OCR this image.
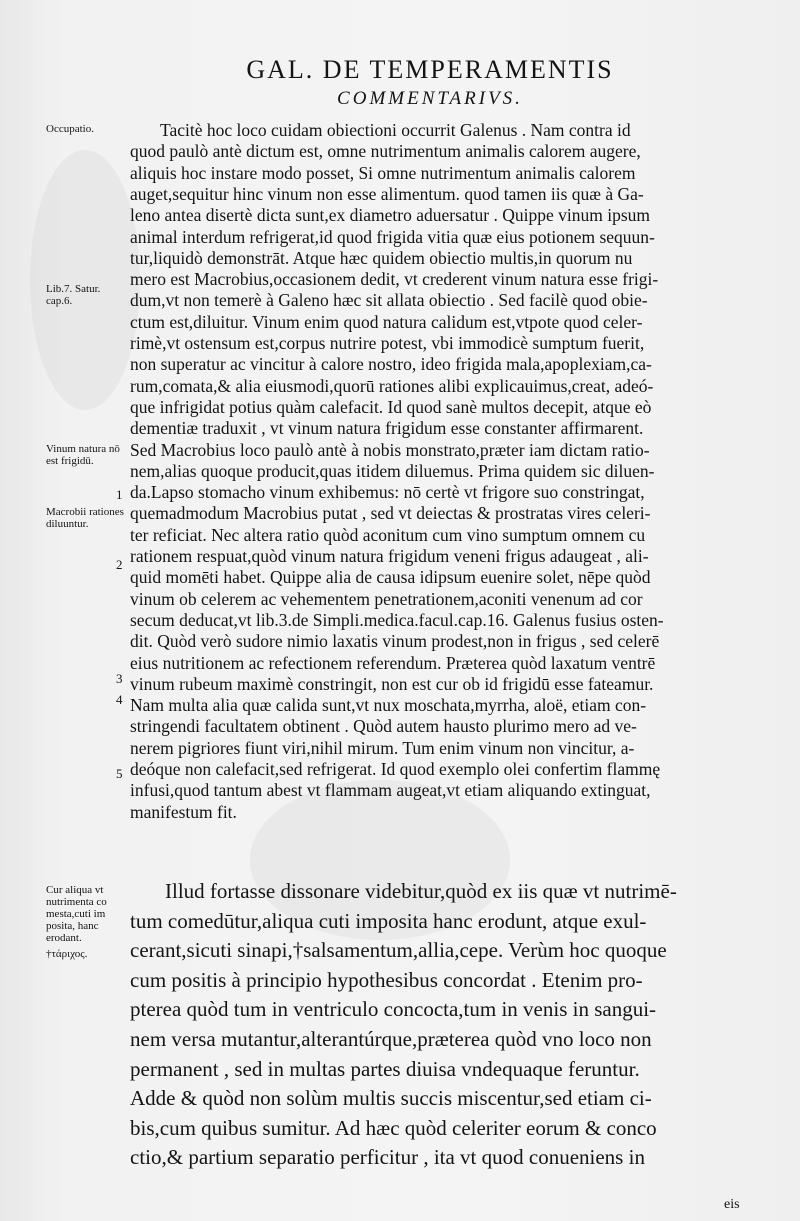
GAL. DE TEMPERAMENTIS
COMMENTARIVS.
Occupatio.
Lib.7. Satur. cap.6.
Vinum natura nō est frigidū.
Macrobii rationes diluuntur.
Cur aliqua vt nutrimenta co mesta,cuti im posita, hanc erodant.
†τάριχος.
1
2
3
4
5
Tacitè hoc loco cuidam obiectioni occurrit Galenus . Nam contra id
quod paulò antè dictum est, omne nutrimentum animalis calorem augere,
aliquis hoc instare modo posset, Si omne nutrimentum animalis calorem
auget,sequitur hinc vinum non esse alimentum. quod tamen iis quæ à Ga-
leno antea disertè dicta sunt,ex diametro aduersatur . Quippe vinum ipsum
animal interdum refrigerat,id quod frigida vitia quæ eius potionem sequun-
tur,liquidò demonstrāt. Atque hæc quidem obiectio multis,in quorum nu
mero est Macrobius,occasionem dedit, vt crederent vinum natura esse frigi-
dum,vt non temerè à Galeno hæc sit allata obiectio . Sed facilè quod obie-
ctum est,diluitur. Vinum enim quod natura calidum est,vtpote quod celer-
rimè,vt ostensum est,corpus nutrire potest, vbi immodicè sumptum fuerit,
non superatur ac vincitur à calore nostro, ideo frigida mala,apoplexiam,ca-
rum,comata,& alia eiusmodi,quorū rationes alibi explicauimus,creat, adeó-
que infrigidat potius quàm calefacit. Id quod sanè multos decepit, atque eò
dementiæ traduxit , vt vinum natura frigidum esse constanter affirmarent.
Sed Macrobius loco paulò antè à nobis monstrato,præter iam dictam ratio-
nem,alias quoque producit,quas itidem diluemus. Prima quidem sic diluen-
da.Lapso stomacho vinum exhibemus: nō certè vt frigore suo constringat,
quemadmodum Macrobius putat , sed vt deiectas & prostratas vires celeri-
ter reficiat. Nec altera ratio quòd aconitum cum vino sumptum omnem cu
rationem respuat,quòd vinum natura frigidum veneni frigus adaugeat , ali-
quid momēti habet. Quippe alia de causa idipsum euenire solet, nēpe quòd
vinum ob celerem ac vehementem penetrationem,aconiti venenum ad cor
secum deducat,vt lib.3.de Simpli.medica.facul.cap.16. Galenus fusius osten-
dit. Quòd verò sudore nimio laxatis vinum prodest,non in frigus , sed celerē
eius nutritionem ac refectionem referendum. Præterea quòd laxatum ventrē
vinum rubeum maximè constringit, non est cur ob id frigidū esse fateamur.
Nam multa alia quæ calida sunt,vt nux moschata,myrrha, aloë, etiam con-
stringendi facultatem obtinent . Quòd autem hausto plurimo mero ad ve-
nerem pigriores fiunt viri,nihil mirum. Tum enim vinum non vincitur, a-
deóque non calefacit,sed refrigerat. Id quod exemplo olei confertim flammę
infusi,quod tantum abest vt flammam augeat,vt etiam aliquando extinguat,
manifestum fit.
Illud fortasse dissonare videbitur,quòd ex iis quæ vt nutrimē-
tum comedūtur,aliqua cuti imposita hanc erodunt, atque exul-
cerant,sicuti sinapi,†salsamentum,allia,cepe. Verùm hoc quoque
cum positis à principio hypothesibus concordat . Etenim pro-
pterea quòd tum in ventriculo concocta,tum in venis in sangui-
nem versa mutantur,alterantúrque,præterea quòd vno loco non
permanent , sed in multas partes diuisa vndequaque feruntur.
Adde & quòd non solùm multis succis miscentur,sed etiam ci-
bis,cum quibus sumitur. Ad hæc quòd celeriter eorum & conco
ctio,& partium separatio perficitur , ita vt quod conueniens in
eis
